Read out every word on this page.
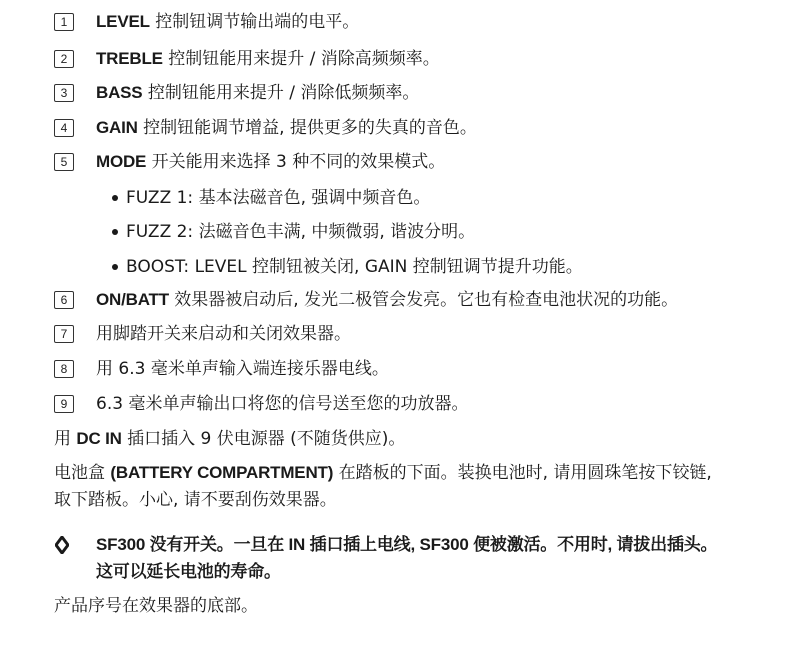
1	LEVEL 控制钮调节输出端的电平。
2	TREBLE 控制钮能用来提升 / 消除高频频率。
3	BASS 控制钮能用来提升 / 消除低频频率。
4	GAIN 控制钮能调节增益, 提供更多的失真的音色。
5	MODE 开关能用来选择 3 种不同的效果模式。
FUZZ 1: 基本法磁音色, 强调中频音色。
FUZZ 2: 法磁音色丰满, 中频微弱, 谐波分明。
BOOST: LEVEL 控制钮被关闭, GAIN 控制钮调节提升功能。
6	ON/BATT 效果器被启动后, 发光二极管会发亮。它也有检查电池状况的功能。
7	用脚踏开关来启动和关闭效果器。
8	用 6.3 毫米单声输入端连接乐器电线。
9	6.3 毫米单声输出口将您的信号送至您的功放器。
用 DC IN 插口插入 9 伏电源器 (不随货供应)。
电池盒 (BATTERY COMPARTMENT) 在踏板的下面。装换电池时, 请用圆珠笔按下铰链,
取下踏板。小心, 请不要刮伤效果器。
SF300 没有开关。一旦在 IN 插口插上电线, SF300 便被激活。不用时, 请拔出插头。
这可以延长电池的寿命。
产品序号在效果器的底部。
